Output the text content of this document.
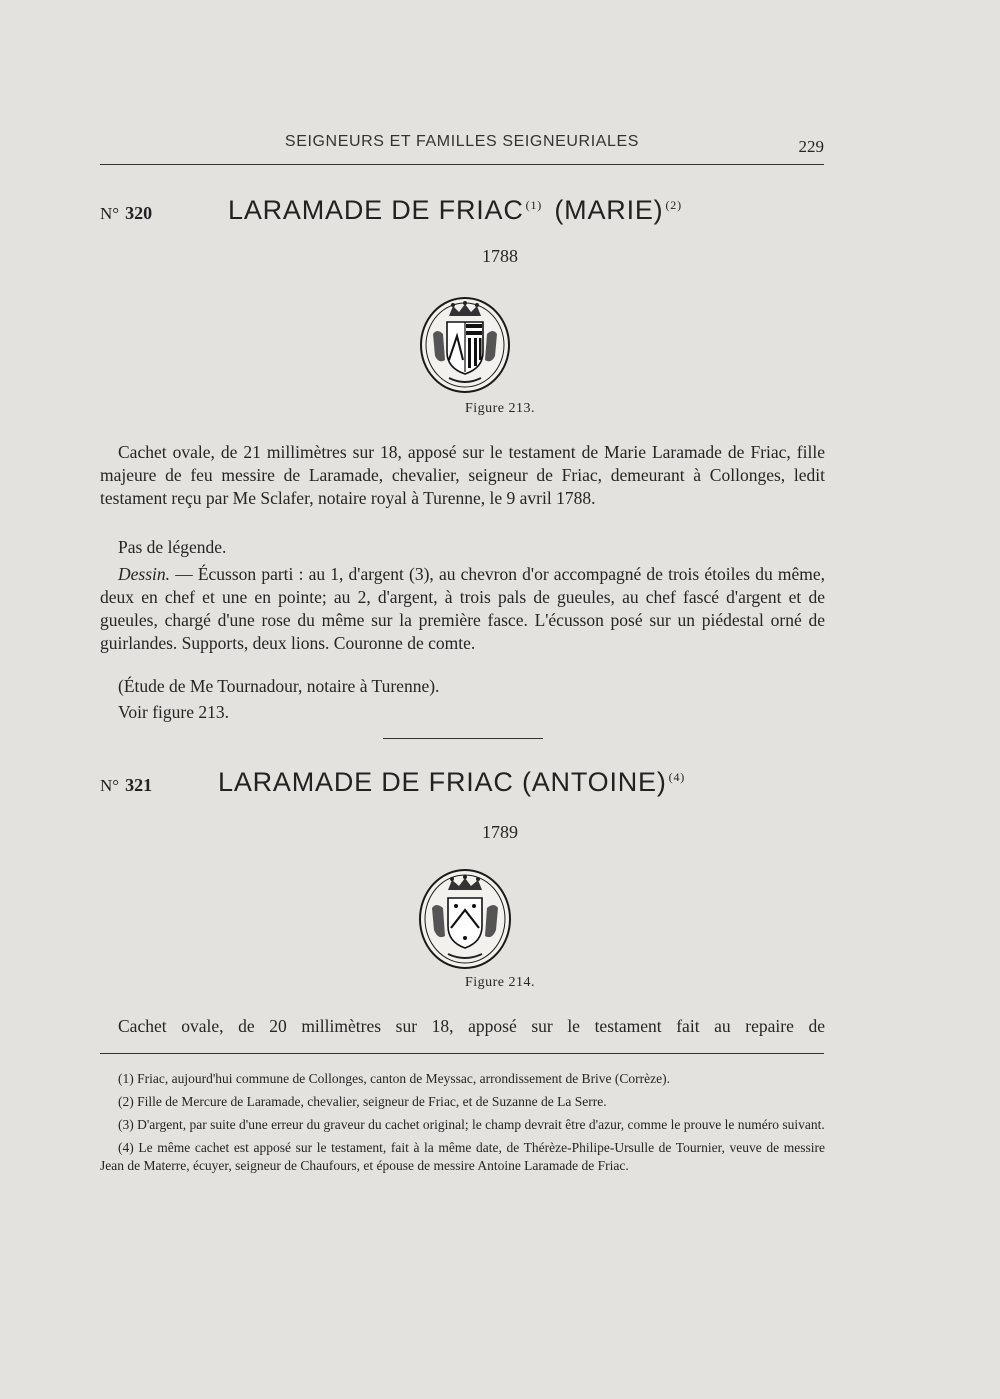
SEIGNEURS ET FAMILLES SEIGNEURIALES	229
N° 320	LARAMADE DE FRIAC $^{(1)}$ (MARIE) $^{(2)}$
1788
Figure 213.
Cachet ovale, de 21 millimètres sur 18, apposé sur le testament de Marie Laramade de Friac, fille majeure de feu messire de Laramade, chevalier, seigneur de Friac, demeurant à Collonges, ledit testament reçu par Me Sclafer, notaire royal à Turenne, le 9 avril 1788.
Pas de légende.
Dessin. — Écusson parti : au 1, d'argent (3), au chevron d'or accompagné de trois étoiles du même, deux en chef et une en pointe; au 2, d'argent, à trois pals de gueules, au chef fascé d'argent et de gueules, chargé d'une rose du même sur la première fasce. L'écusson posé sur un piédestal orné de guirlandes. Supports, deux lions. Couronne de comte.
(Étude de Me Tournadour, notaire à Turenne).
Voir figure 213.
N° 321 LARAMADE DE FRIAC (ANTOINE) $^{(4)}$
1789
Figure 214.
Cachet ovale, de 20 millimètres sur 18, apposé sur le testament fait au repaire de

(1) Friac, aujourd'hui commune de Collonges, canton de Meyssac, arrondissement de Brive (Corrèze).

(2) Fille de Mercure de Laramade, chevalier, seigneur de Friac, et de Suzanne de La Serre.

(3) D'argent, par suite d'une erreur du graveur du cachet original; le champ devrait être d'azur, comme le prouve le numéro suivant.

(4) Le même cachet est apposé sur le testament, fait à la même date, de Thérèze-Philipe-Ursulle de Tournier, veuve de messire Jean de Materre, écuyer, seigneur de Chaufours, et épouse de messire Antoine Laramade de Friac.
